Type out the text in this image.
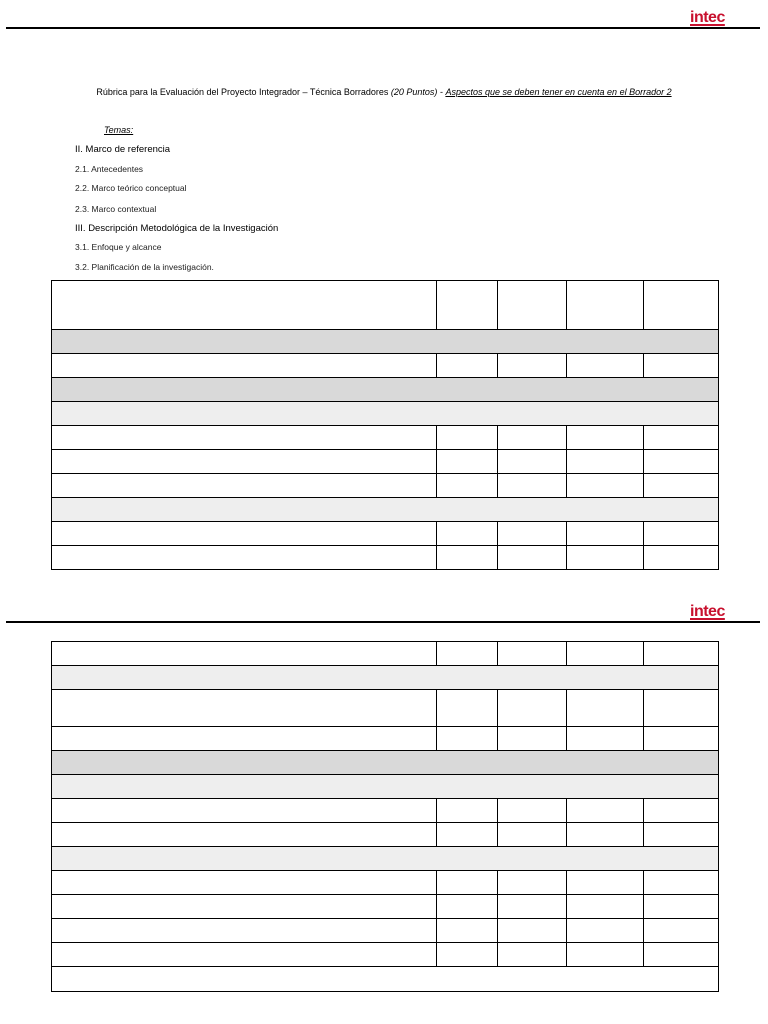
intec
Rúbrica para la Evaluación del Proyecto Integrador – Técnica Borradores (20 Puntos) - Aspectos que se deben tener en cuenta en el Borrador 2
Temas:
II. Marco de referencia
2.1. Antecedentes
2.2. Marco teórico conceptual
2.3. Marco contextual
III. Descripción Metodológica de la Investigación
3.1. Enfoque y alcance
3.2. Planificación de la investigación.

intec
